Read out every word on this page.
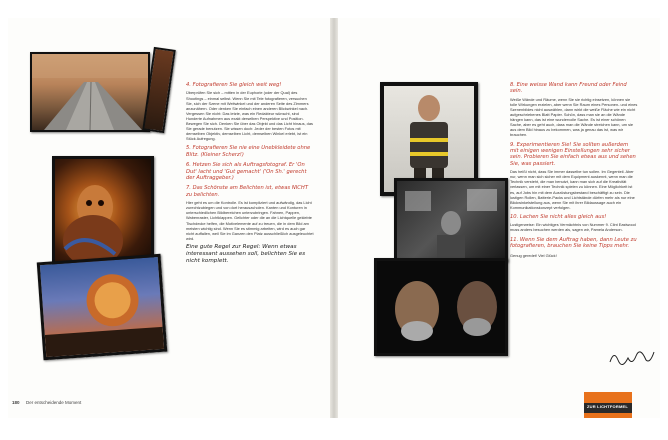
4. Fotografieren Sie gleich weit weg!
Überprüfen Sie sich – mitten in der Euphorie (oder der Qual) des Shootings – einmal selbst. Wenn Sie mit Tele fotografieren, versuchen Sie, sich der Szene mit Weitwinkel und der anderen Seite des Zimmers anzunähern. Oder denken Sie einfach einen anderen Blickwinkel nach. Vergessen Sie nicht: Das letzte, was ein Redakteur wünscht, sind Hunderte Aufnahmen aus exakt derselben Perspektive und Position. Bewegen Sie sich. Denken Sie über das Objekt und das Licht hinaus, das Sie gerade benutzen. Sie wissen doch: Jeder der besten Fotos mit demselben Objektiv, demselben Licht, demselben Winkel erlebt, ist ein Stück Aufregung.
5. Fotografieren Sie nie eine Unebkleidete ohne Blitz. (Kleiner Scherz!)
6. Hetzen Sie sich als Auftragsfotograf. Er 'On Dut' lacht und 'Gut gemacht' ('On Sh.' gerecht der Auftraggeber.)
7. Das Schönste am Belichten ist, etwas NICHT zu belichten.
Hier geht es um die Kontrolle. Es ist kompliziert und aufwändig, das Licht zurechtzubiegen und von dort herauszuholen. Kanten und Konturen in unterschiedlichen Bildbereichen unterzubringen. Fahnen, Pappen, Wabenraster, Lichtklappen. Gelichter oder die an die Lichtquelle geklebte Tischdecke helfen, die Motivelemente auf zu treuen, die in dem Bild am meisten wichtig sind. Wenn Sie es stimmig arbeiten, wird es auch gar nicht auffallen, weil Sie im Ganzen den Platz ausschließlich ausgeleuchtet wird.
Eine gute Regel zur Regel: Wenn etwas interessant aussehen soll, belichten Sie es nicht komplett.
180 Der entscheidende Moment
8. Eine weisse Wand kann Freund oder Feind sein.
Weiße Wände und Räume, wenn Sie sie richtig einsetzen, können sie tolle Wirkungen erzielen, aber wenn Sie Raum eines Personen- und eines Szenenbildes nicht auswählen, dann wirkt die weiße Fläche wie ein nicht aufgeschriebenes Blatt Papier. Schön, dass man sie an die Wände hängen kann, das ist eine wundervolle Sache. Es ist einer schönen Sache, aber es geht auch, dass man die Wände streichen kann, um sie aus dem Bild hinaus zu bekommen, was ja genau das ist, was wir brauchen.
9. Experimentieren Sie! Sie sollten außerdem mit einigen wenigen Einstellungen sehr sicher sein. Probieren Sie einfach etwas aus und sehen Sie, was passiert.
Das heißt nicht, dass Sie immer dasselbe tun sollen. Im Gegenteil. Aber nur, wenn man sich sicher mit dem Equipment auskennt, wenn man die Technik versteht, die man benutzt, kann man sich auf die Kreativität verlassen, um mit einer Technik spielen zu können. Eine Möglichkeit ist es, auf Jobs hin mit dem Ausrüstungsbestand beschäftigt zu sein. Die lustigen Rollen, Batterie-Packs und Lichtstände dürfen mehr als nur eine Blickwinkelstellung aus, wenn Sie mit ihrer Bildaussage auch ein Kommunikationskonzept verfolgen.
10. Lachen Sie nicht alles gleich aus!
Lustigerweise: Ein wichtiges Vermächtnis von Nummer 9. Clint Eastwood muss anders besuchen werden als, sagen wir, Pamela Anderson.
11. Wenn Sie dem Auftrag haben, dann Leute zu fotografieren, brauchen Sie keine Tipps mehr.
Genug geredet! Viel Glück!
ZUR LICHTFORMEL
